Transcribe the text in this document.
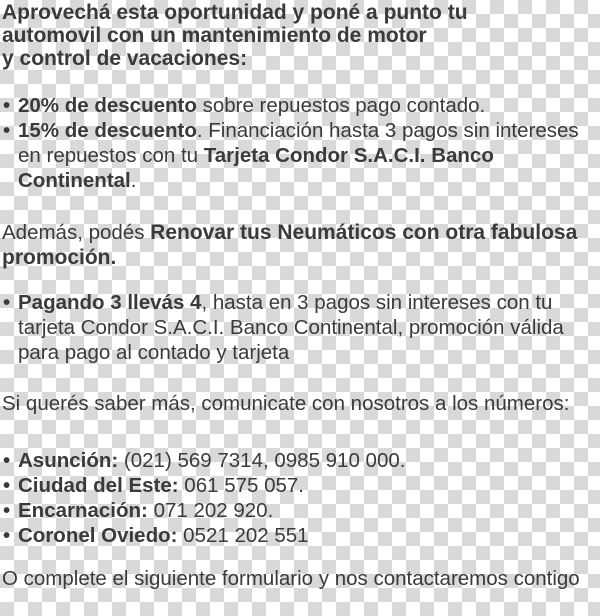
Aprovechá esta oportunidad y poné a punto tu
automovil con un mantenimiento de motor
y control de vacaciones:
• 20% de descuento sobre repuestos pago contado.
• 15% de descuento. Financiación hasta 3 pagos sin intereses en repuestos con tu Tarjeta Condor S.A.C.I. Banco Continental.
Además, podés Renovar tus Neumáticos con otra fabulosa promoción.
• Pagando 3 llevás 4, hasta en 3 pagos sin intereses con tu tarjeta Condor S.A.C.I. Banco Continental, promoción válida para pago al contado y tarjeta
Si querés saber más, comunicate con nosotros a los números:
• Asunción: (021) 569 7314, 0985 910 000.
• Ciudad del Este: 061 575 057.
• Encarnación: 071 202 920.
• Coronel Oviedo: 0521 202 551
O complete el siguiente formulario y nos contactaremos contigo
